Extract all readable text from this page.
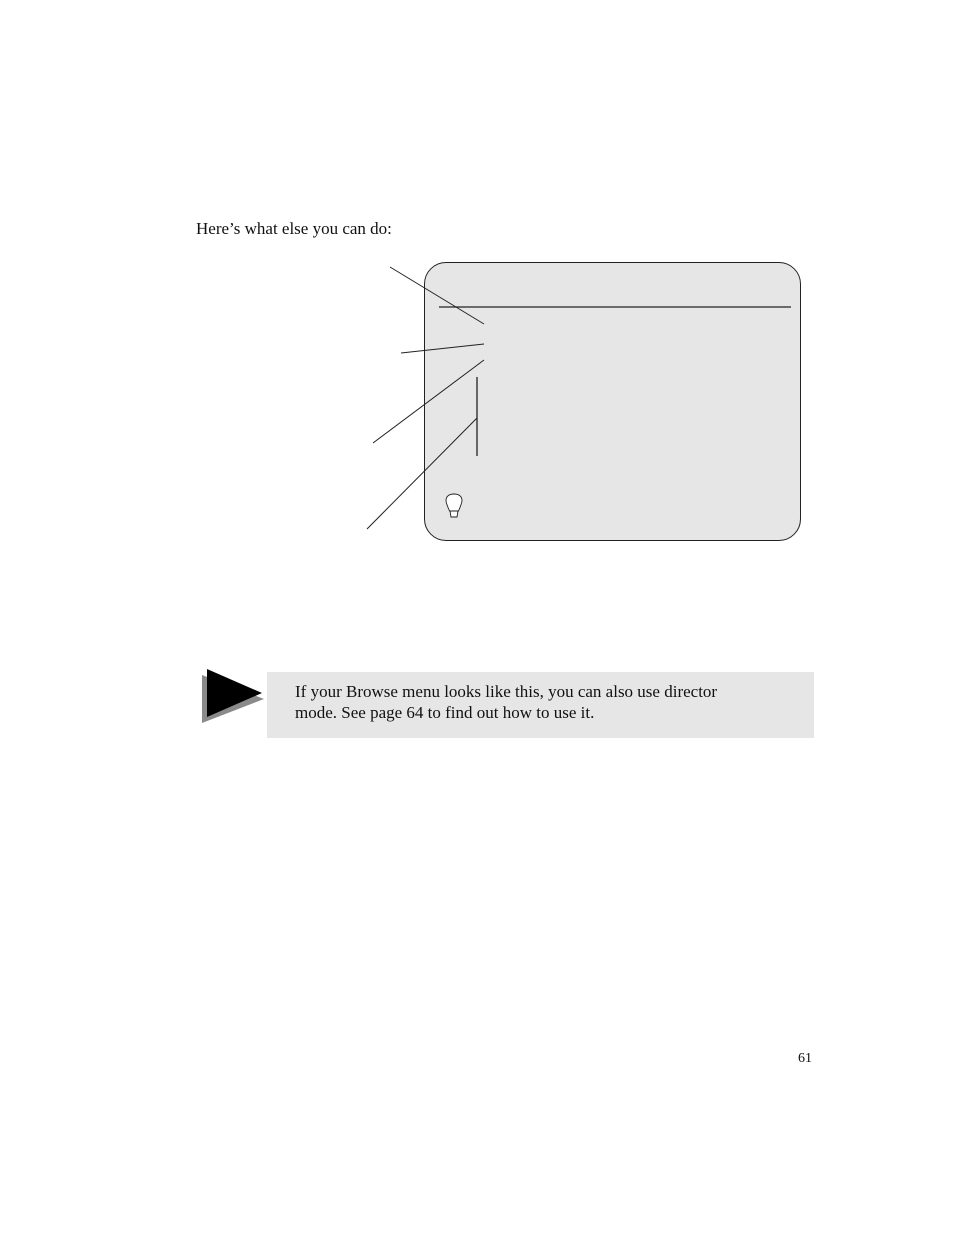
Here’s what else you can do:
If your Browse menu looks like this, you can also use director
mode. See page 64 to find out how to use it.
61
